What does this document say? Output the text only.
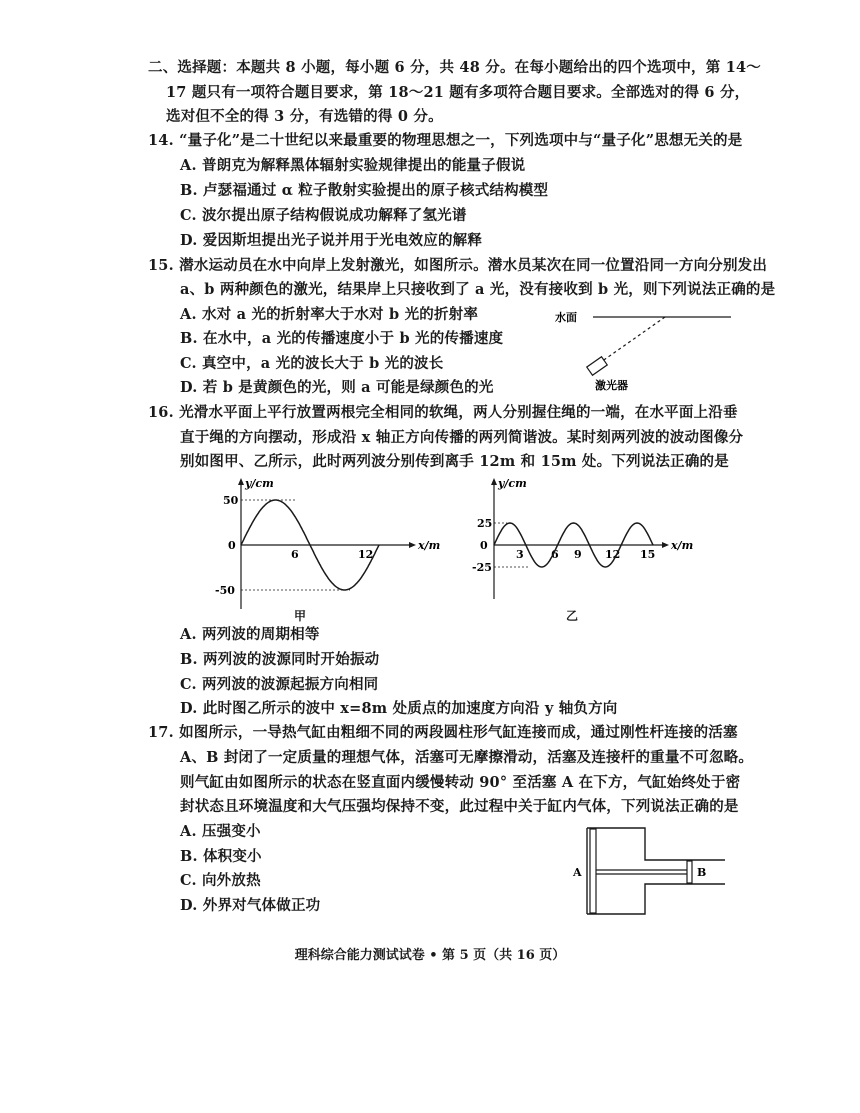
二、选择题：本题共 8 小题，每小题 6 分，共 48 分。在每小题给出的四个选项中，第 14～
17 题只有一项符合题目要求，第 18～21 题有多项符合题目要求。全部选对的得 6 分，
选对但不全的得 3 分，有选错的得 0 分。
14. “量子化”是二十世纪以来最重要的物理思想之一，下列选项中与“量子化”思想无关的是
A. 普朗克为解释黑体辐射实验规律提出的能量子假说
B. 卢瑟福通过 α 粒子散射实验提出的原子核式结构模型
C. 波尔提出原子结构假说成功解释了氢光谱
D. 爱因斯坦提出光子说并用于光电效应的解释
15. 潜水运动员在水中向岸上发射激光，如图所示。潜水员某次在同一位置沿同一方向分别发出
a、b 两种颜色的激光，结果岸上只接收到了 a 光，没有接收到 b 光，则下列说法正确的是
A. 水对 a 光的折射率大于水对 b 光的折射率
B. 在水中，a 光的传播速度小于 b 光的传播速度
C. 真空中，a 光的波长大于 b 光的波长
D. 若 b 是黄颜色的光，则 a 可能是绿颜色的光
水面
激光器
16. 光滑水平面上平行放置两根完全相同的软绳，两人分别握住绳的一端，在水平面上沿垂
直于绳的方向摆动，形成沿 x 轴正方向传播的两列简谐波。某时刻两列波的波动图像分
别如图甲、乙所示，此时两列波分别传到离手 12m 和 15m 处。下列说法正确的是
y/cm
x/m
50
0
-50
6	12
y/cm
x/m
25
0
-25
3 6 9 12 15
甲	乙
A. 两列波的周期相等
B. 两列波的波源同时开始振动
C. 两列波的波源起振方向相同
D. 此时图乙所示的波中 x=8m 处质点的加速度方向沿 y 轴负方向
17. 如图所示，一导热气缸由粗细不同的两段圆柱形气缸连接而成，通过刚性杆连接的活塞
A、B 封闭了一定质量的理想气体，活塞可无摩擦滑动，活塞及连接杆的重量不可忽略。
则气缸由如图所示的状态在竖直面内缓慢转动 90° 至活塞 A 在下方，气缸始终处于密
封状态且环境温度和大气压强均保持不变，此过程中关于缸内气体，下列说法正确的是
A. 压强变小
B. 体积变小
C. 向外放热
D. 外界对气体做正功
A	B
理科综合能力测试试卷 • 第 5 页（共 16 页）
